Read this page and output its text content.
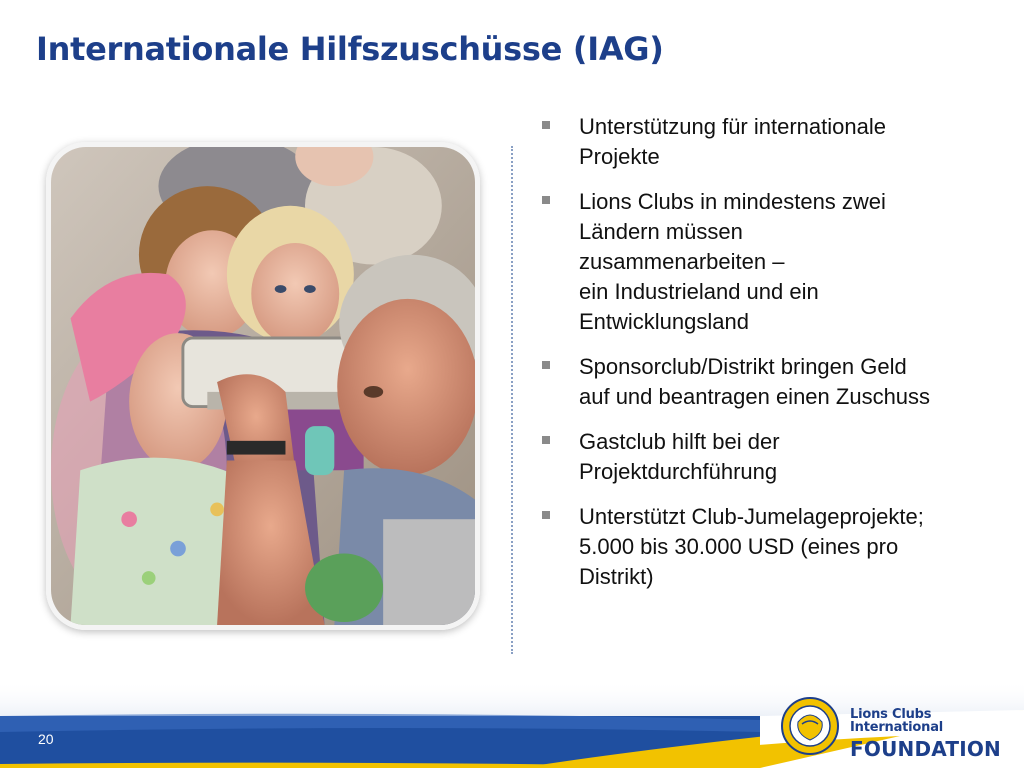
Internationale Hilfszuschüsse (IAG)
Unterstützung für internationale
Projekte
Lions Clubs in mindestens zwei
Ländern müssen
zusammenarbeiten –
ein Industrieland und ein
Entwicklungsland
Sponsorclub/Distrikt bringen Geld
auf und beantragen einen Zuschuss
Gastclub hilft bei der
Projektdurchführung
Unterstützt Club-Jumelageprojekte;
5.000 bis 30.000 USD (eines pro
Distrikt)
20
Lions Clubs International
FOUNDATION
